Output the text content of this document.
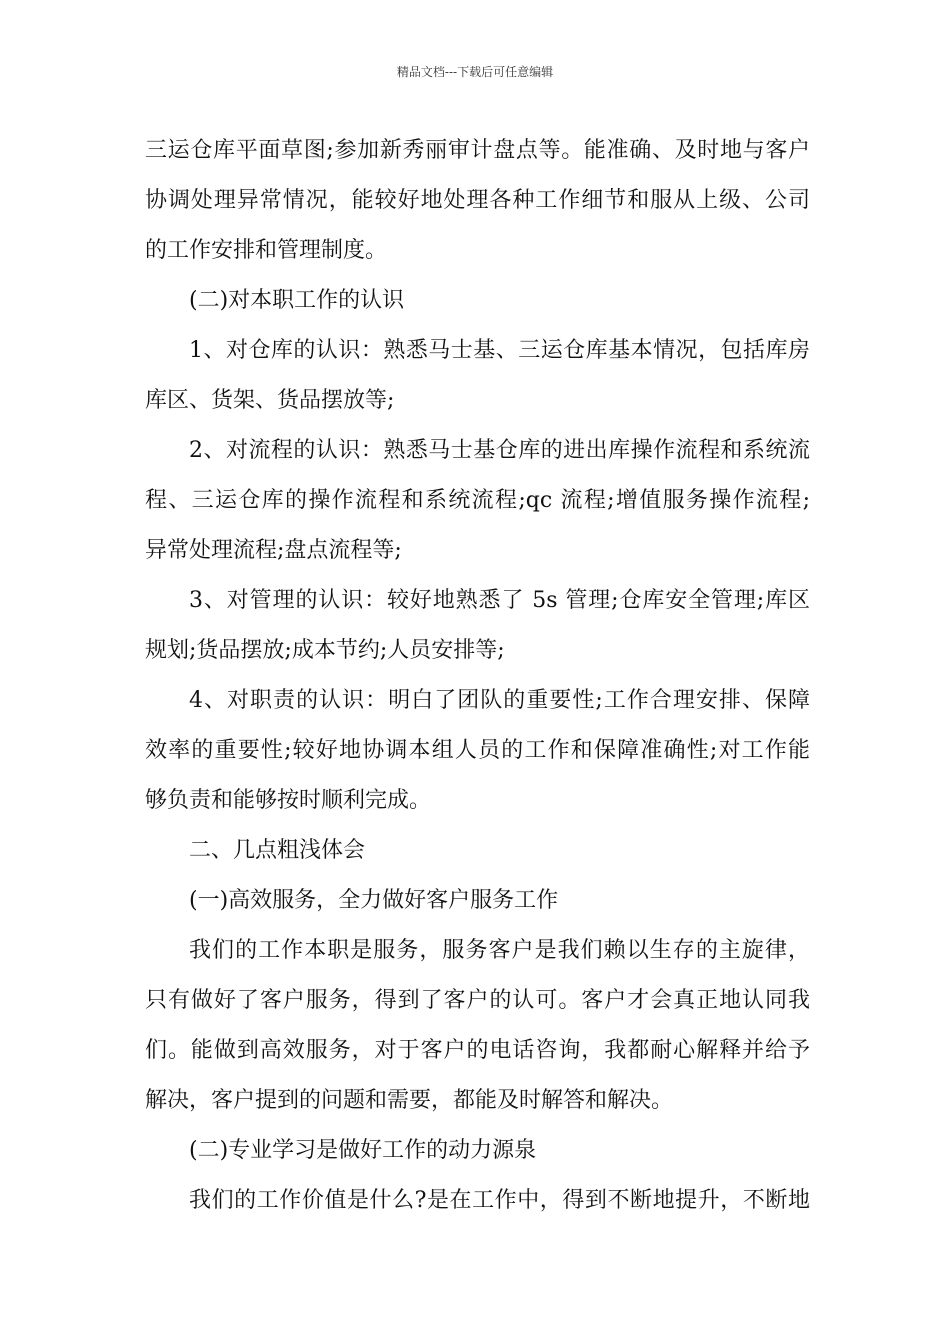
精品文档---下载后可任意编辑
三运仓库平面草图;参加新秀丽审计盘点等。能准确、及时地与客户
协调处理异常情况，能较好地处理各种工作细节和服从上级、公司
的工作安排和管理制度。
(二)对本职工作的认识
1、对仓库的认识：熟悉马士基、三运仓库基本情况，包括库房
库区、货架、货品摆放等;
2、对流程的认识：熟悉马士基仓库的进出库操作流程和系统流
程、三运仓库的操作流程和系统流程;qc 流程;增值服务操作流程;
异常处理流程;盘点流程等;
3、对管理的认识：较好地熟悉了 5s 管理;仓库安全管理;库区
规划;货品摆放;成本节约;人员安排等;
4、对职责的认识：明白了团队的重要性;工作合理安排、保障
效率的重要性;较好地协调本组人员的工作和保障准确性;对工作能
够负责和能够按时顺利完成。
二、几点粗浅体会
(一)高效服务，全力做好客户服务工作
我们的工作本职是服务，服务客户是我们赖以生存的主旋律，
只有做好了客户服务，得到了客户的认可。客户才会真正地认同我
们。能做到高效服务，对于客户的电话咨询，我都耐心解释并给予
解决，客户提到的问题和需要，都能及时解答和解决。
(二)专业学习是做好工作的动力源泉
我们的工作价值是什么?是在工作中，得到不断地提升，不断地
